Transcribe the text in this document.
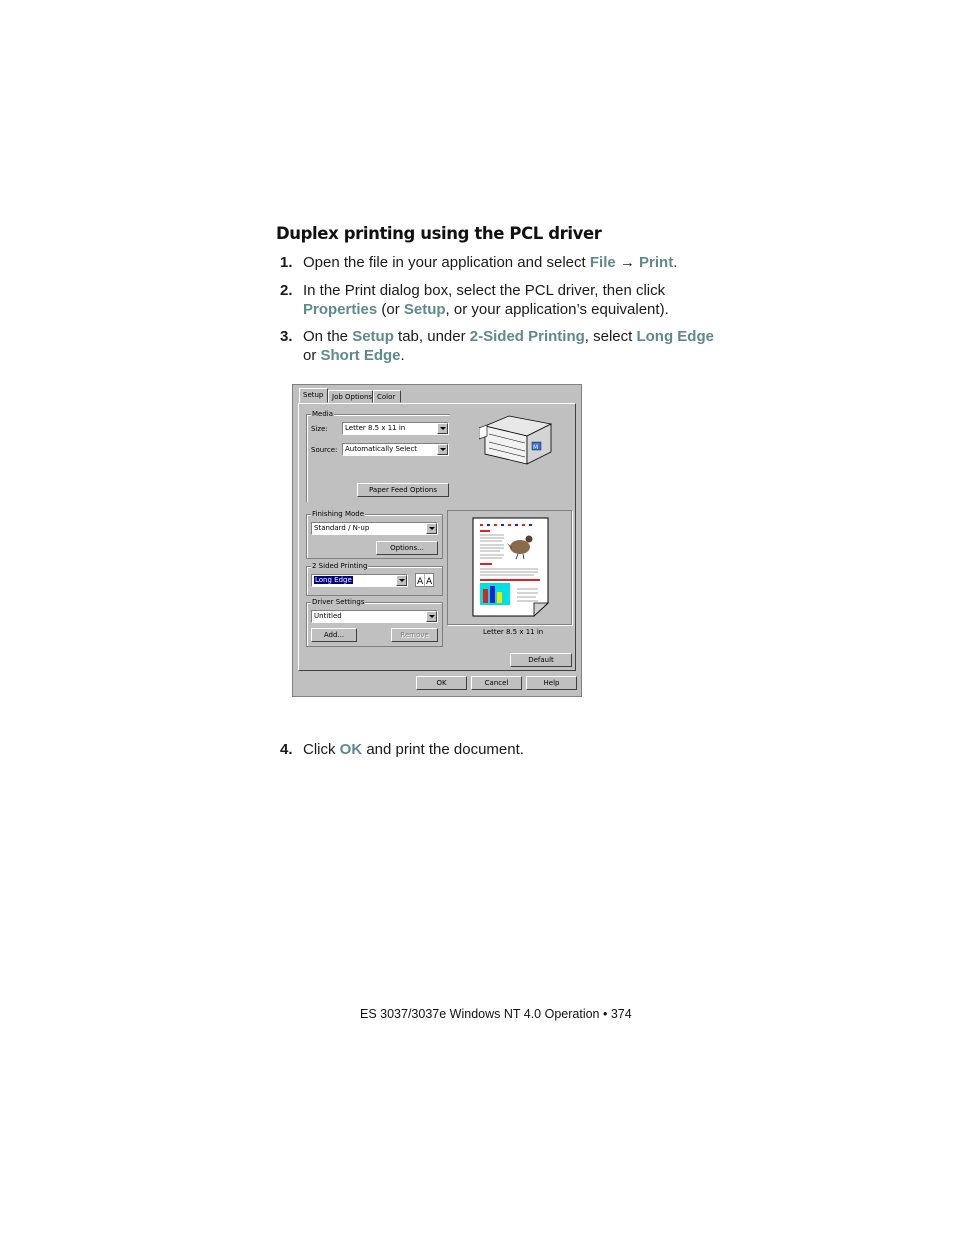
Duplex printing using the PCL driver
1. Open the file in your application and select File → Print.
2. In the Print dialog box, select the PCL driver, then click
Properties (or Setup, or your application’s equivalent).
3. On the Setup tab, under 2-Sided Printing, select Long Edge
or Short Edge.
Setup	Job Options Color
Media
Size:	Letter 8.5 x 11 in
Source:	Automatically Select
Paper Feed Options
M
Finishing Mode
Standard / N-up
Options...
2 Sided Printing
Long Edge	A A
Driver Settings
Untitled
Add...	Remove	Letter 8.5 x 11 in
Default
OK	Cancel	Help
4. Click OK and print the document.
ES 3037/3037e Windows NT 4.0 Operation • 374
